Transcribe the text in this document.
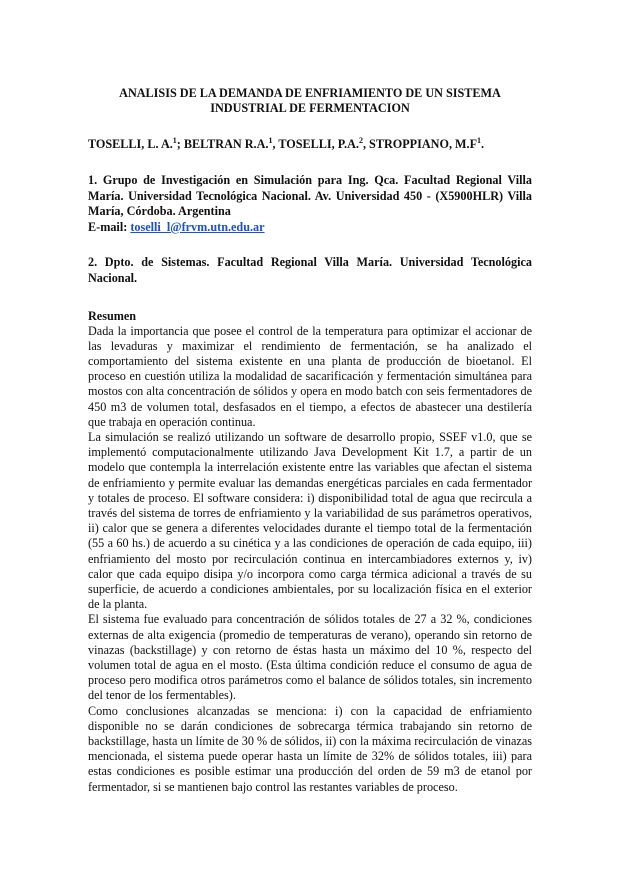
ANALISIS DE LA DEMANDA DE ENFRIAMIENTO DE UN SISTEMA
INDUSTRIAL DE FERMENTACION

TOSELLI, L. A.$^1$; BELTRAN R.A.$^1$, TOSELLI, P.A.$^2$, STROPPIANO, $M.F^1$.

1. Grupo de Investigación en Simulación para Ing. Qca. Facultad Regional Villa María. Universidad Tecnológica Nacional. Av. Universidad 450 - (X5900HLR) Villa María, Córdoba. Argentina
E-mail: toselli_l@frvm.utn.edu.ar
2. Dpto. de Sistemas. Facultad Regional Villa María. Universidad Tecnológica Nacional.
Resumen

Dada la importancia que posee el control de la temperatura para optimizar el accionar de las levaduras y maximizar el rendimiento de fermentación, se ha analizado el comportamiento del sistema existente en una planta de producción de bioetanol. El proceso en cuestión utiliza la modalidad de sacarificación y fermentación simultánea para mostos con alta concentración de sólidos y opera en modo batch con seis fermentadores de 450 m3 de volumen total, desfasados en el tiempo, a efectos de abastecer una destilería que trabaja en operación continua.

La simulación se realizó utilizando un software de desarrollo propio, SSEF v1.0, que se implementó computacionalmente utilizando Java Development Kit 1.7, a partir de un modelo que contempla la interrelación existente entre las variables que afectan el sistema de enfriamiento y permite evaluar las demandas energéticas parciales en cada fermentador y totales de proceso. El software considera: i) disponibilidad total de agua que recircula a través del sistema de torres de enfriamiento y la variabilidad de sus parámetros operativos, ii) calor que se genera a diferentes velocidades durante el tiempo total de la fermentación (55 a 60 hs.) de acuerdo a su cinética y a las condiciones de operación de cada equipo, iii) enfriamiento del mosto por recirculación continua en intercambiadores externos y, iv) calor que cada equipo disipa y/o incorpora como carga térmica adicional a través de su superficie, de acuerdo a condiciones ambientales, por su localización física en el exterior de la planta.

El sistema fue evaluado para concentración de sólidos totales de 27 a 32 %, condiciones externas de alta exigencia (promedio de temperaturas de verano), operando sin retorno de vinazas (backstillage) y con retorno de éstas hasta un máximo del 10 %, respecto del volumen total de agua en el mosto. (Esta última condición reduce el consumo de agua de proceso pero modifica otros parámetros como el balance de sólidos totales, sin incremento del tenor de los fermentables).

Como conclusiones alcanzadas se menciona: i) con la capacidad de enfriamiento disponible no se darán condiciones de sobrecarga térmica trabajando sin retorno de backstillage, hasta un límite de 30 % de sólidos, ii) con la máxima recirculación de vinazas mencionada, el sistema puede operar hasta un límite de 32% de sólidos totales, iii) para estas condiciones es posible estimar una producción del orden de 59 m3 de etanol por fermentador, si se mantienen bajo control las restantes variables de proceso.
